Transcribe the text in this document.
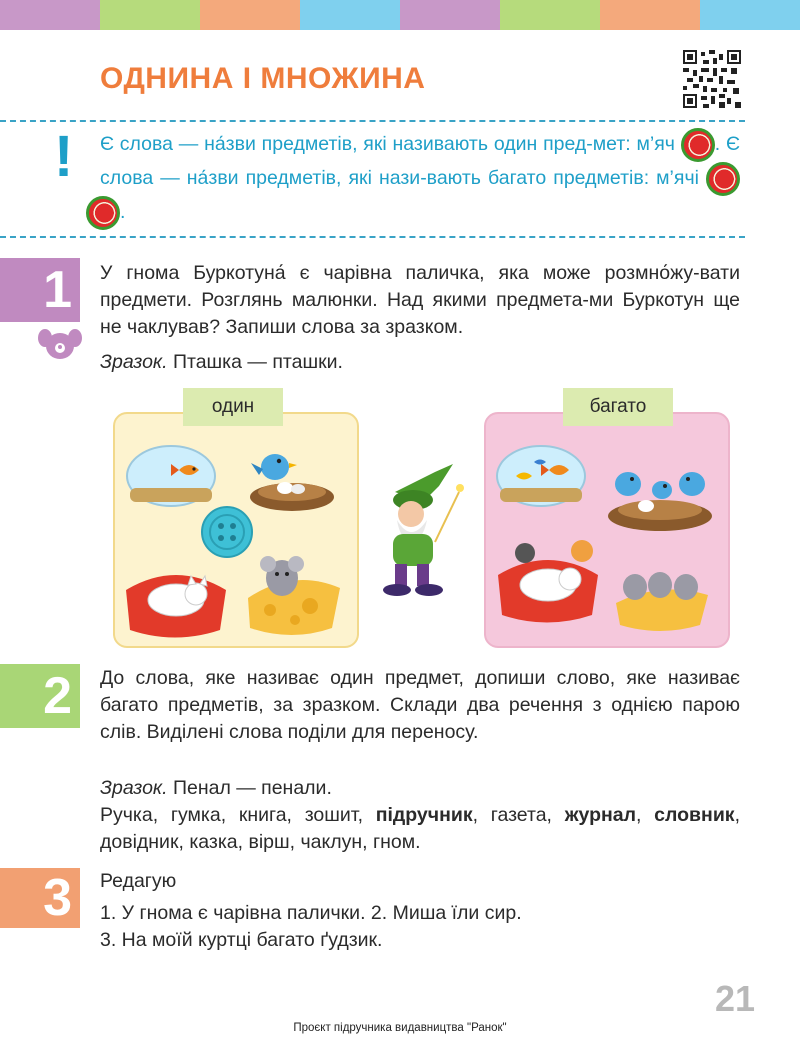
ОДНИНА І МНОЖИНА
! Є слова — на́зви предметів, які називають один пред-мет: м’яч . Є слова — на́зви предметів, які нази-вають багато предметів: м’ячі .
1	У гнома Буркотуна́ є чарівна паличка, яка може розмно́жу-вати предмети. Розглянь малюнки. Над якими предмета-ми Буркотун ще не чаклував? Запиши слова за зразком.
Зразок. Пташка — пташки.
один	багато
2	До слова, яке називає один предмет, допиши слово, яке називає багато предметів, за зразком. Склади два речення з однією парою слів. Виділені слова поділи для переносу.
Зразок. Пенал — пенали.
Ручка, гумка, книга, зошит, підручник, газета, журнал, словник, довідник, казка, вірш, чаклун, гном.
3	Редагую
1. У гнома є чарівна палички. 2. Миша їли сир.
3. На моїй куртці багато ґудзик.
21
Проєкт підручника видавництва "Ранок"
